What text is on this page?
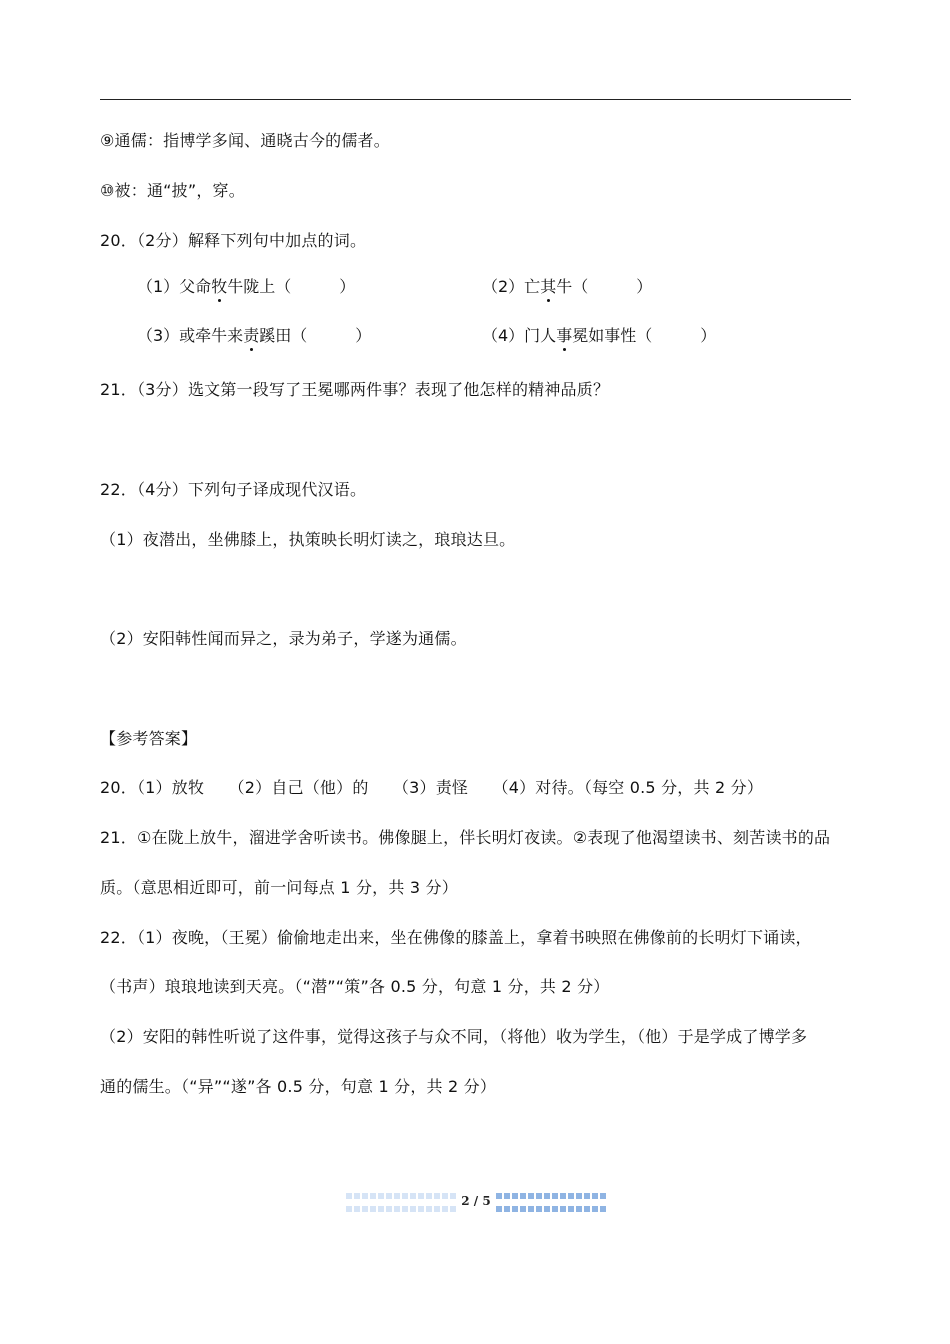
⑨通儒：指博学多闻、通晓古今的儒者。
⑩被：通“披”，穿。
20．（2分）解释下列句中加点的词。
（1）父命牧牛陇上（　　　）	（2）亡其牛（　　　）
（3）或牵牛来责蹊田（　　　）	（4）门人事冕如事性（　　　）
21．（3分）选文第一段写了王冕哪两件事？表现了他怎样的精神品质？
22．（4分）下列句子译成现代汉语。
（1）夜潜出，坐佛膝上，执策映长明灯读之，琅琅达旦。
（2）安阳韩性闻而异之，录为弟子，学遂为通儒。
【参考答案】
20．（1）放牧　　（2）自己（他）的　　（3）责怪　　（4）对待。（每空 0.5 分，共 2 分）
21．①在陇上放牛，溜进学舍听读书。佛像腿上，伴长明灯夜读。②表现了他渴望读书、刻苦读书的品
质。（意思相近即可，前一问每点 1 分，共 3 分）
22．（1）夜晚，（王冕）偷偷地走出来，坐在佛像的膝盖上，拿着书映照在佛像前的长明灯下诵读，
（书声）琅琅地读到天亮。（“潜”“策”各 0.5 分，句意 1 分，共 2 分）
（2）安阳的韩性听说了这件事，觉得这孩子与众不同，（将他）收为学生，（他）于是学成了博学多
通的儒生。（“异”“遂”各 0.5 分，句意 1 分，共 2 分）
2 / 5
